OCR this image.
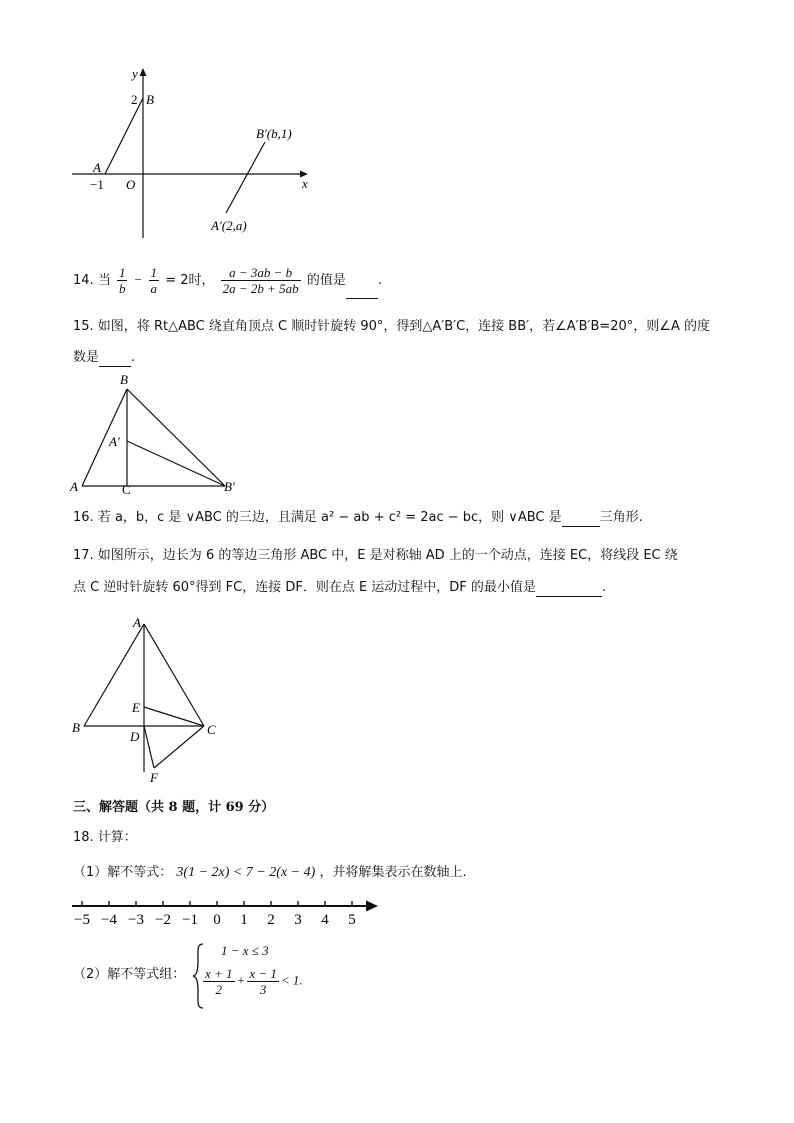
y
x
O
2
−1
A
B
B′(b,1)
A′(2,a)
14. 当 $\frac{1}{b} - \frac{1}{a} = 2$时， $\frac{a - 3ab - b}{2a - 2b + 5ab}$ 的值是 .
15. 如图，将 Rt△ABC 绕直角顶点 C 顺时针旋转 90°，得到△A′B′C，连接 BB′，若∠A′B′B=20°，则∠A 的度
数是 .
B
A′
A	C	B′
16. 若 a，b，c 是 ∨ABC 的三边，且满足 a² − ab + c² = 2ac − bc，则 ∨ABC 是	三角形.
17. 如图所示，边长为 6 的等边三角形 ABC 中，E 是对称轴 AD 上的一个动点，连接 EC，将线段 EC 绕
点 C 逆时针旋转 60°得到 FC，连接 DF．则在点 E 运动过程中，DF 的最小值是	.
A
E
B
D	C
F
三、解答题（共 8 题，计 69 分）
18. 计算：
（1）解不等式： 3(1 − 2x) < 7 − 2(x − 4) ，并将解集表示在数轴上.
−5 −4 −3 −2 −1 0 1 2 3 4 5
（2）解不等式组：
1 − x ≤ 3
$\frac{x + 1}{2} + \frac{x - 1}{3} < 1$.
